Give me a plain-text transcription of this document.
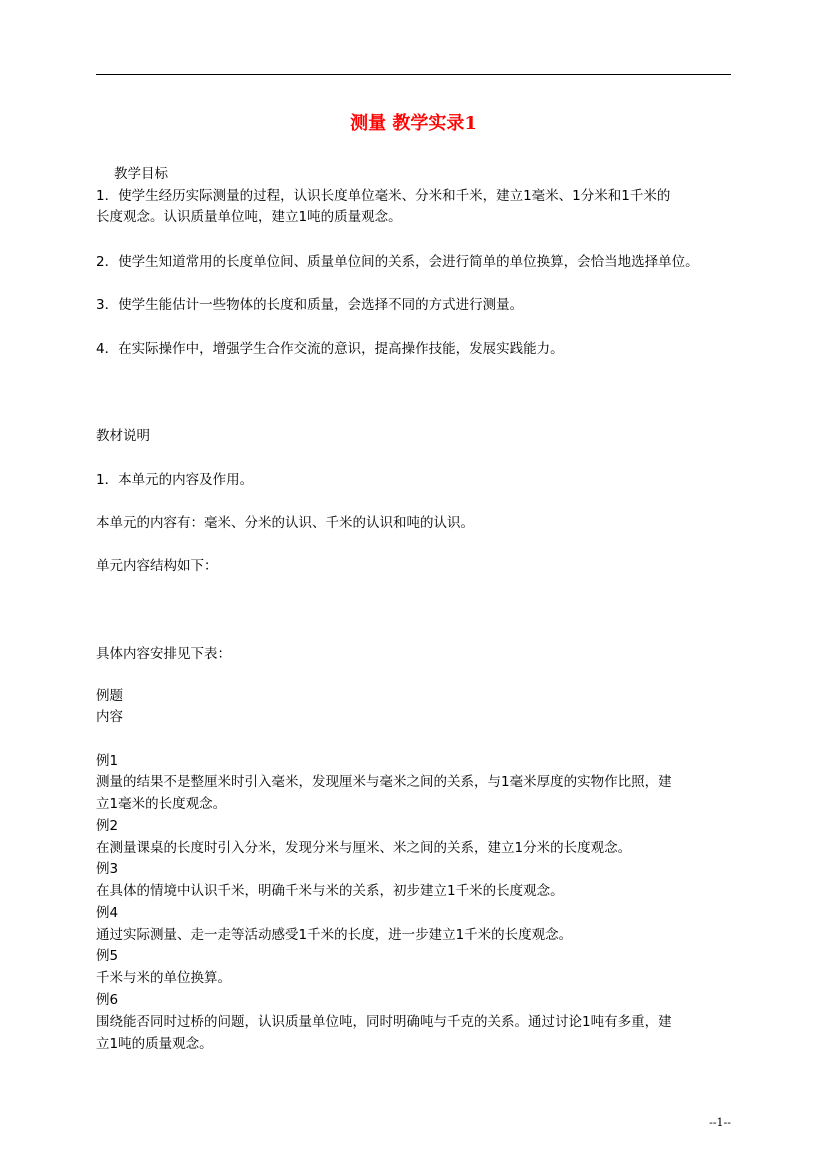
测量 教学实录1
教学目标
1．使学生经历实际测量的过程，认识长度单位毫米、分米和千米，建立1毫米、1分米和1千米的
长度观念。认识质量单位吨，建立1吨的质量观念。
2．使学生知道常用的长度单位间、质量单位间的关系，会进行简单的单位换算，会恰当地选择单位。
3．使学生能估计一些物体的长度和质量，会选择不同的方式进行测量。
4．在实际操作中，增强学生合作交流的意识，提高操作技能，发展实践能力。
教材说明
1．本单元的内容及作用。
本单元的内容有：毫米、分米的认识、千米的认识和吨的认识。
单元内容结构如下：
具体内容安排见下表：
例题
内容
例1
测量的结果不是整厘米时引入毫米，发现厘米与毫米之间的关系，与1毫米厚度的实物作比照，建
立1毫米的长度观念。
例2
在测量课桌的长度时引入分米，发现分米与厘米、米之间的关系，建立1分米的长度观念。
例3
在具体的情境中认识千米，明确千米与米的关系，初步建立1千米的长度观念。
例4
通过实际测量、走一走等活动感受1千米的长度，进一步建立1千米的长度观念。
例5
千米与米的单位换算。
例6
围绕能否同时过桥的问题，认识质量单位吨，同时明确吨与千克的关系。通过讨论1吨有多重，建
立1吨的质量观念。
--1--
